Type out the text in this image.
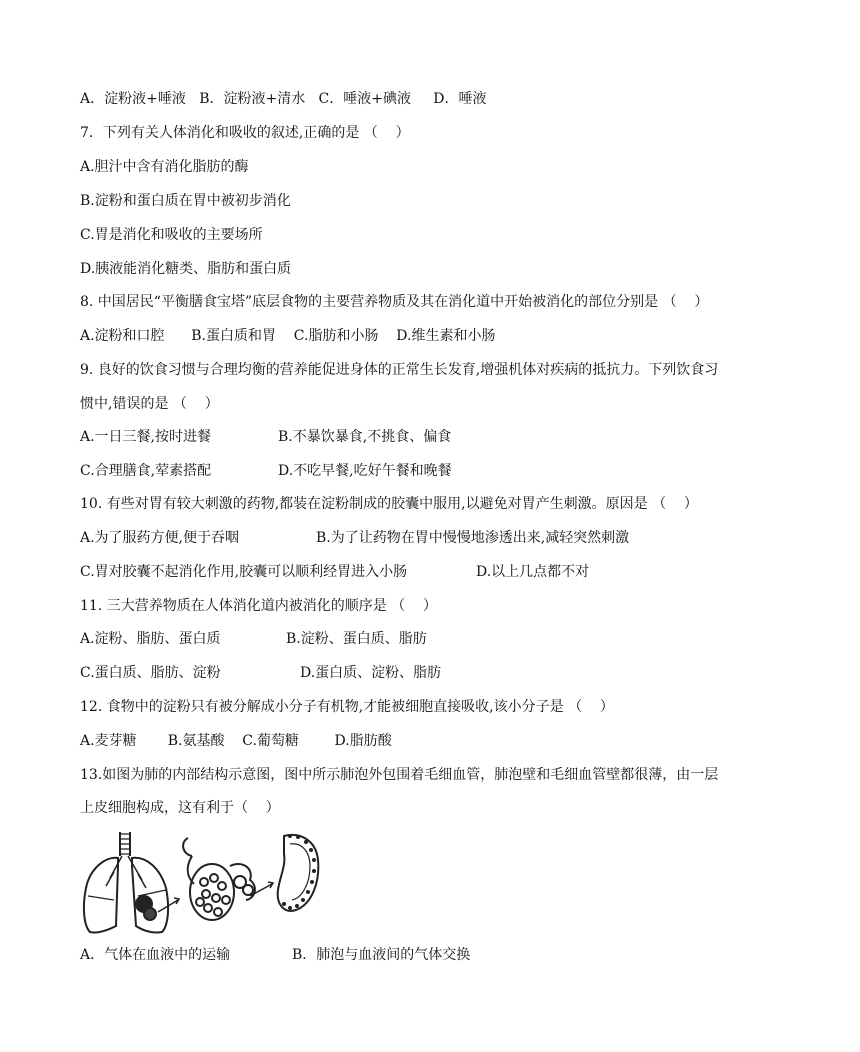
A．淀粉液+唾液   B．淀粉液+清水   C．唾液+碘液     D．唾液
7．下列有关人体消化和吸收的叙述,正确的是 （    ）
A.胆汁中含有消化脂肪的酶
B.淀粉和蛋白质在胃中被初步消化
C.胃是消化和吸收的主要场所
D.胰液能消化糖类、脂肪和蛋白质
8. 中国居民“平衡膳食宝塔”底层食物的主要营养物质及其在消化道中开始被消化的部位分别是 （    ）
A.淀粉和口腔      B.蛋白质和胃    C.脂肪和小肠    D.维生素和小肠
9. 良好的饮食习惯与合理均衡的营养能促进身体的正常生长发育,增强机体对疾病的抵抗力。下列饮食习
惯中,错误的是 （    ）
A.一日三餐,按时进餐	B.不暴饮暴食,不挑食、偏食
C.合理膳食,荤素搭配	D.不吃早餐,吃好午餐和晚餐
10. 有些对胃有较大刺激的药物,都装在淀粉制成的胶囊中服用,以避免对胃产生刺激。原因是 （    ）
A.为了服药方便,便于吞咽	B.为了让药物在胃中慢慢地渗透出来,减轻突然刺激
C.胃对胶囊不起消化作用,胶囊可以顺利经胃进入小肠	D.以上几点都不对
11. 三大营养物质在人体消化道内被消化的顺序是 （    ）
A.淀粉、脂肪、蛋白质	B.淀粉、蛋白质、脂肪
C.蛋白质、脂肪、淀粉	D.蛋白质、淀粉、脂肪
12. 食物中的淀粉只有被分解成小分子有机物,才能被细胞直接吸收,该小分子是 （    ）
A.麦芽糖       B.氨基酸    C.葡萄糖        D.脂肪酸
13.如图为肺的内部结构示意图，图中所示肺泡外包围着毛细血管，肺泡壁和毛细血管壁都很薄，由一层
上皮细胞构成，这有利于（    ）
A．气体在血液中的运输	B．肺泡与血液间的气体交换
